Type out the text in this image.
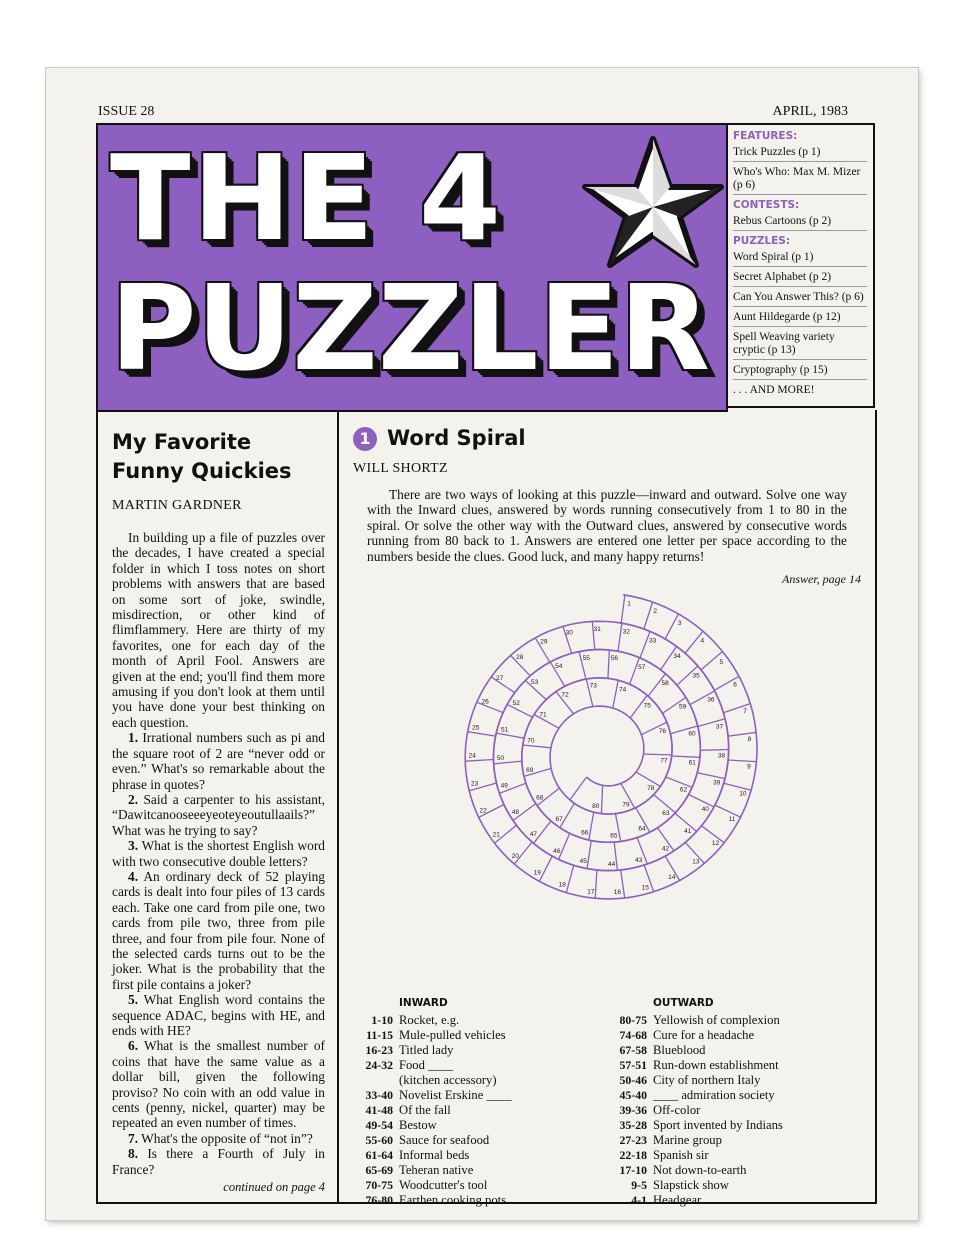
ISSUE 28	APRIL, 1983
THE 4
PUZZLER
FEATURES:
Trick Puzzles (p 1)
Who's Who: Max M. Mizer (p 6)
CONTESTS:
Rebus Cartoons (p 2)
PUZZLES:
Word Spiral (p 1)
Secret Alphabet (p 2)
Can You Answer This? (p 6)
Aunt Hildegarde (p 12)
Spell Weaving variety cryptic (p 13)
Cryptography (p 15)
. . . AND MORE!
My Favorite
Funny Quickies
MARTIN GARDNER

In building up a file of puzzles over the decades, I have created a special folder in which I toss notes on short problems with answers that are based on some sort of joke, swindle, misdirection, or other kind of flimflammery. Here are thirty of my favorites, one for each day of the month of April Fool. Answers are given at the end; you'll find them more amusing if you don't look at them until you have done your best thinking on each question.

1. Irrational numbers such as pi and the square root of 2 are “never odd or even.” What's so remarkable about the phrase in quotes?

2. Said a carpenter to his assistant, “Dawitcanooseeeyeoteyeoutullaails?” What was he trying to say?

3. What is the shortest English word with two consecutive double letters?

4. An ordinary deck of 52 playing cards is dealt into four piles of 13 cards each. Take one card from pile one, two cards from pile two, three from pile three, and four from pile four. None of the selected cards turns out to be the joker. What is the probability that the first pile contains a joker?

5. What English word contains the sequence ADAC, begins with HE, and ends with HE?

6. What is the smallest number of coins that have the same value as a dollar bill, given the following proviso? No coin with an odd value in cents (penny, nickel, quarter) may be repeated an even number of times.

7. What's the opposite of “not in”?

8. Is there a Fourth of July in France?

continued on page 4
1 Word Spiral
WILL SHORTZ
There are two ways of looking at this puzzle—inward and outward. Solve one way with the Inward clues, answered by words running consecutively from 1 to 80 in the spiral. Or solve the other way with the Outward clues, answered by consecutive words running from 80 back to 1. Answers are entered one letter per space according to the numbers beside the clues. Good luck, and many happy returns!
Answer, page 14
1
2
3
4
5
6
7
8
9
10
11
12
13
14
15
16
17
18
19
20
21
22
23
24
25
26
27
28
29
30
31	32
33
34
35
36
37
38
39
40
41
42
43
44
45
46
47
48
49
50
51
52
53
54
55	56
57
58
59
60
61
62
63
64
65
66
67
68
69
70
71
72
73
74
75
76
77
78
79
80
INWARD
1-10 Rocket, e.g.
11-15 Mule-pulled vehicles
16-23 Titled lady
24-32 Food ____
(kitchen accessory)
33-40 Novelist Erskine ____
41-48 Of the fall
49-54 Bestow
55-60 Sauce for seafood
61-64 Informal beds
65-69 Teheran native
70-75 Woodcutter's tool
76-80 Earthen cooking pots
OUTWARD
80-75 Yellowish of complexion
74-68 Cure for a headache
67-58 Blueblood
57-51 Run-down establishment
50-46 City of northern Italy
45-40 ____ admiration society
39-36 Off-color
35-28 Sport invented by Indians
27-23 Marine group
22-18 Spanish sir
17-10 Not down-to-earth
9-5 Slapstick show
4-1 Headgear
